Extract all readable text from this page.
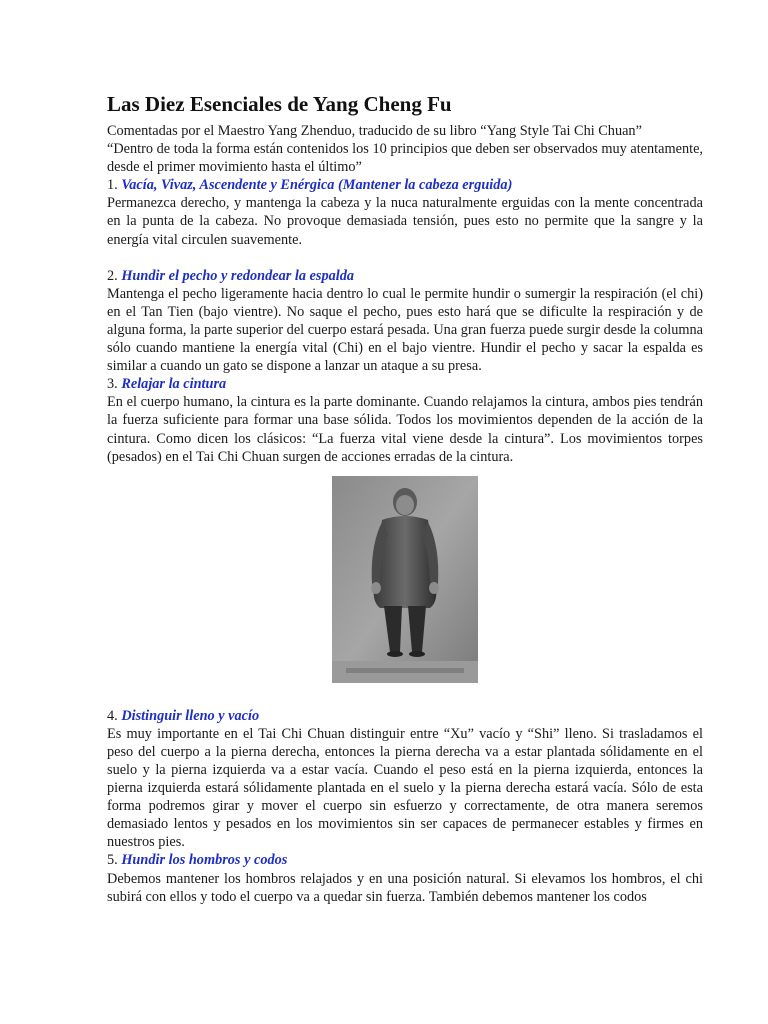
Las Diez Esenciales de Yang Cheng Fu

Comentadas por el Maestro Yang Zhenduo, traducido de su libro “Yang Style Tai Chi Chuan”

“Dentro de toda la forma están contenidos los 10 principios que deben ser observados muy atentamente, desde el primer movimiento hasta el último”

1. Vacía, Vivaz, Ascendente y Enérgica (Mantener la cabeza erguida)

Permanezca derecho, y mantenga la cabeza y la nuca naturalmente erguidas con la mente concentrada en la punta de la cabeza. No provoque demasiada tensión, pues esto no permite que la sangre y la energía vital circulen suavemente.

2. Hundir el pecho y redondear la espalda

Mantenga el pecho ligeramente hacia dentro lo cual le permite hundir o sumergir la respiración (el chi) en el Tan Tien (bajo vientre). No saque el pecho, pues esto hará que se dificulte la respiración y de alguna forma, la parte superior del cuerpo estará pesada. Una gran fuerza puede surgir desde la columna sólo cuando mantiene la energía vital (Chi) en el bajo vientre. Hundir el pecho y sacar la espalda es similar a cuando un gato se dispone a lanzar un ataque a su presa.

3. Relajar la cintura

En el cuerpo humano, la cintura es la parte dominante. Cuando relajamos la cintura, ambos pies tendrán la fuerza suficiente para formar una base sólida. Todos los movimientos dependen de la acción de la cintura. Como dicen los clásicos: “La fuerza vital viene desde la cintura”. Los movimientos torpes (pesados) en el Tai Chi Chuan surgen de acciones erradas de la cintura.

4. Distinguir lleno y vacío

Es muy importante en el Tai Chi Chuan distinguir entre “Xu” vacío y “Shi” lleno. Si trasladamos el peso del cuerpo a la pierna derecha, entonces la pierna derecha va a estar plantada sólidamente en el suelo y la pierna izquierda va a estar vacía. Cuando el peso está en la pierna izquierda, entonces la pierna izquierda estará sólidamente plantada en el suelo y la pierna derecha estará vacía. Sólo de esta forma podremos girar y mover el cuerpo sin esfuerzo y correctamente, de otra manera seremos demasiado lentos y pesados en los movimientos sin ser capaces de permanecer estables y firmes en nuestros pies.

5. Hundir los hombros y codos

Debemos mantener los hombros relajados y en una posición natural. Si elevamos los hombros, el chi subirá con ellos y todo el cuerpo va a quedar sin fuerza. También debemos mantener los codos
